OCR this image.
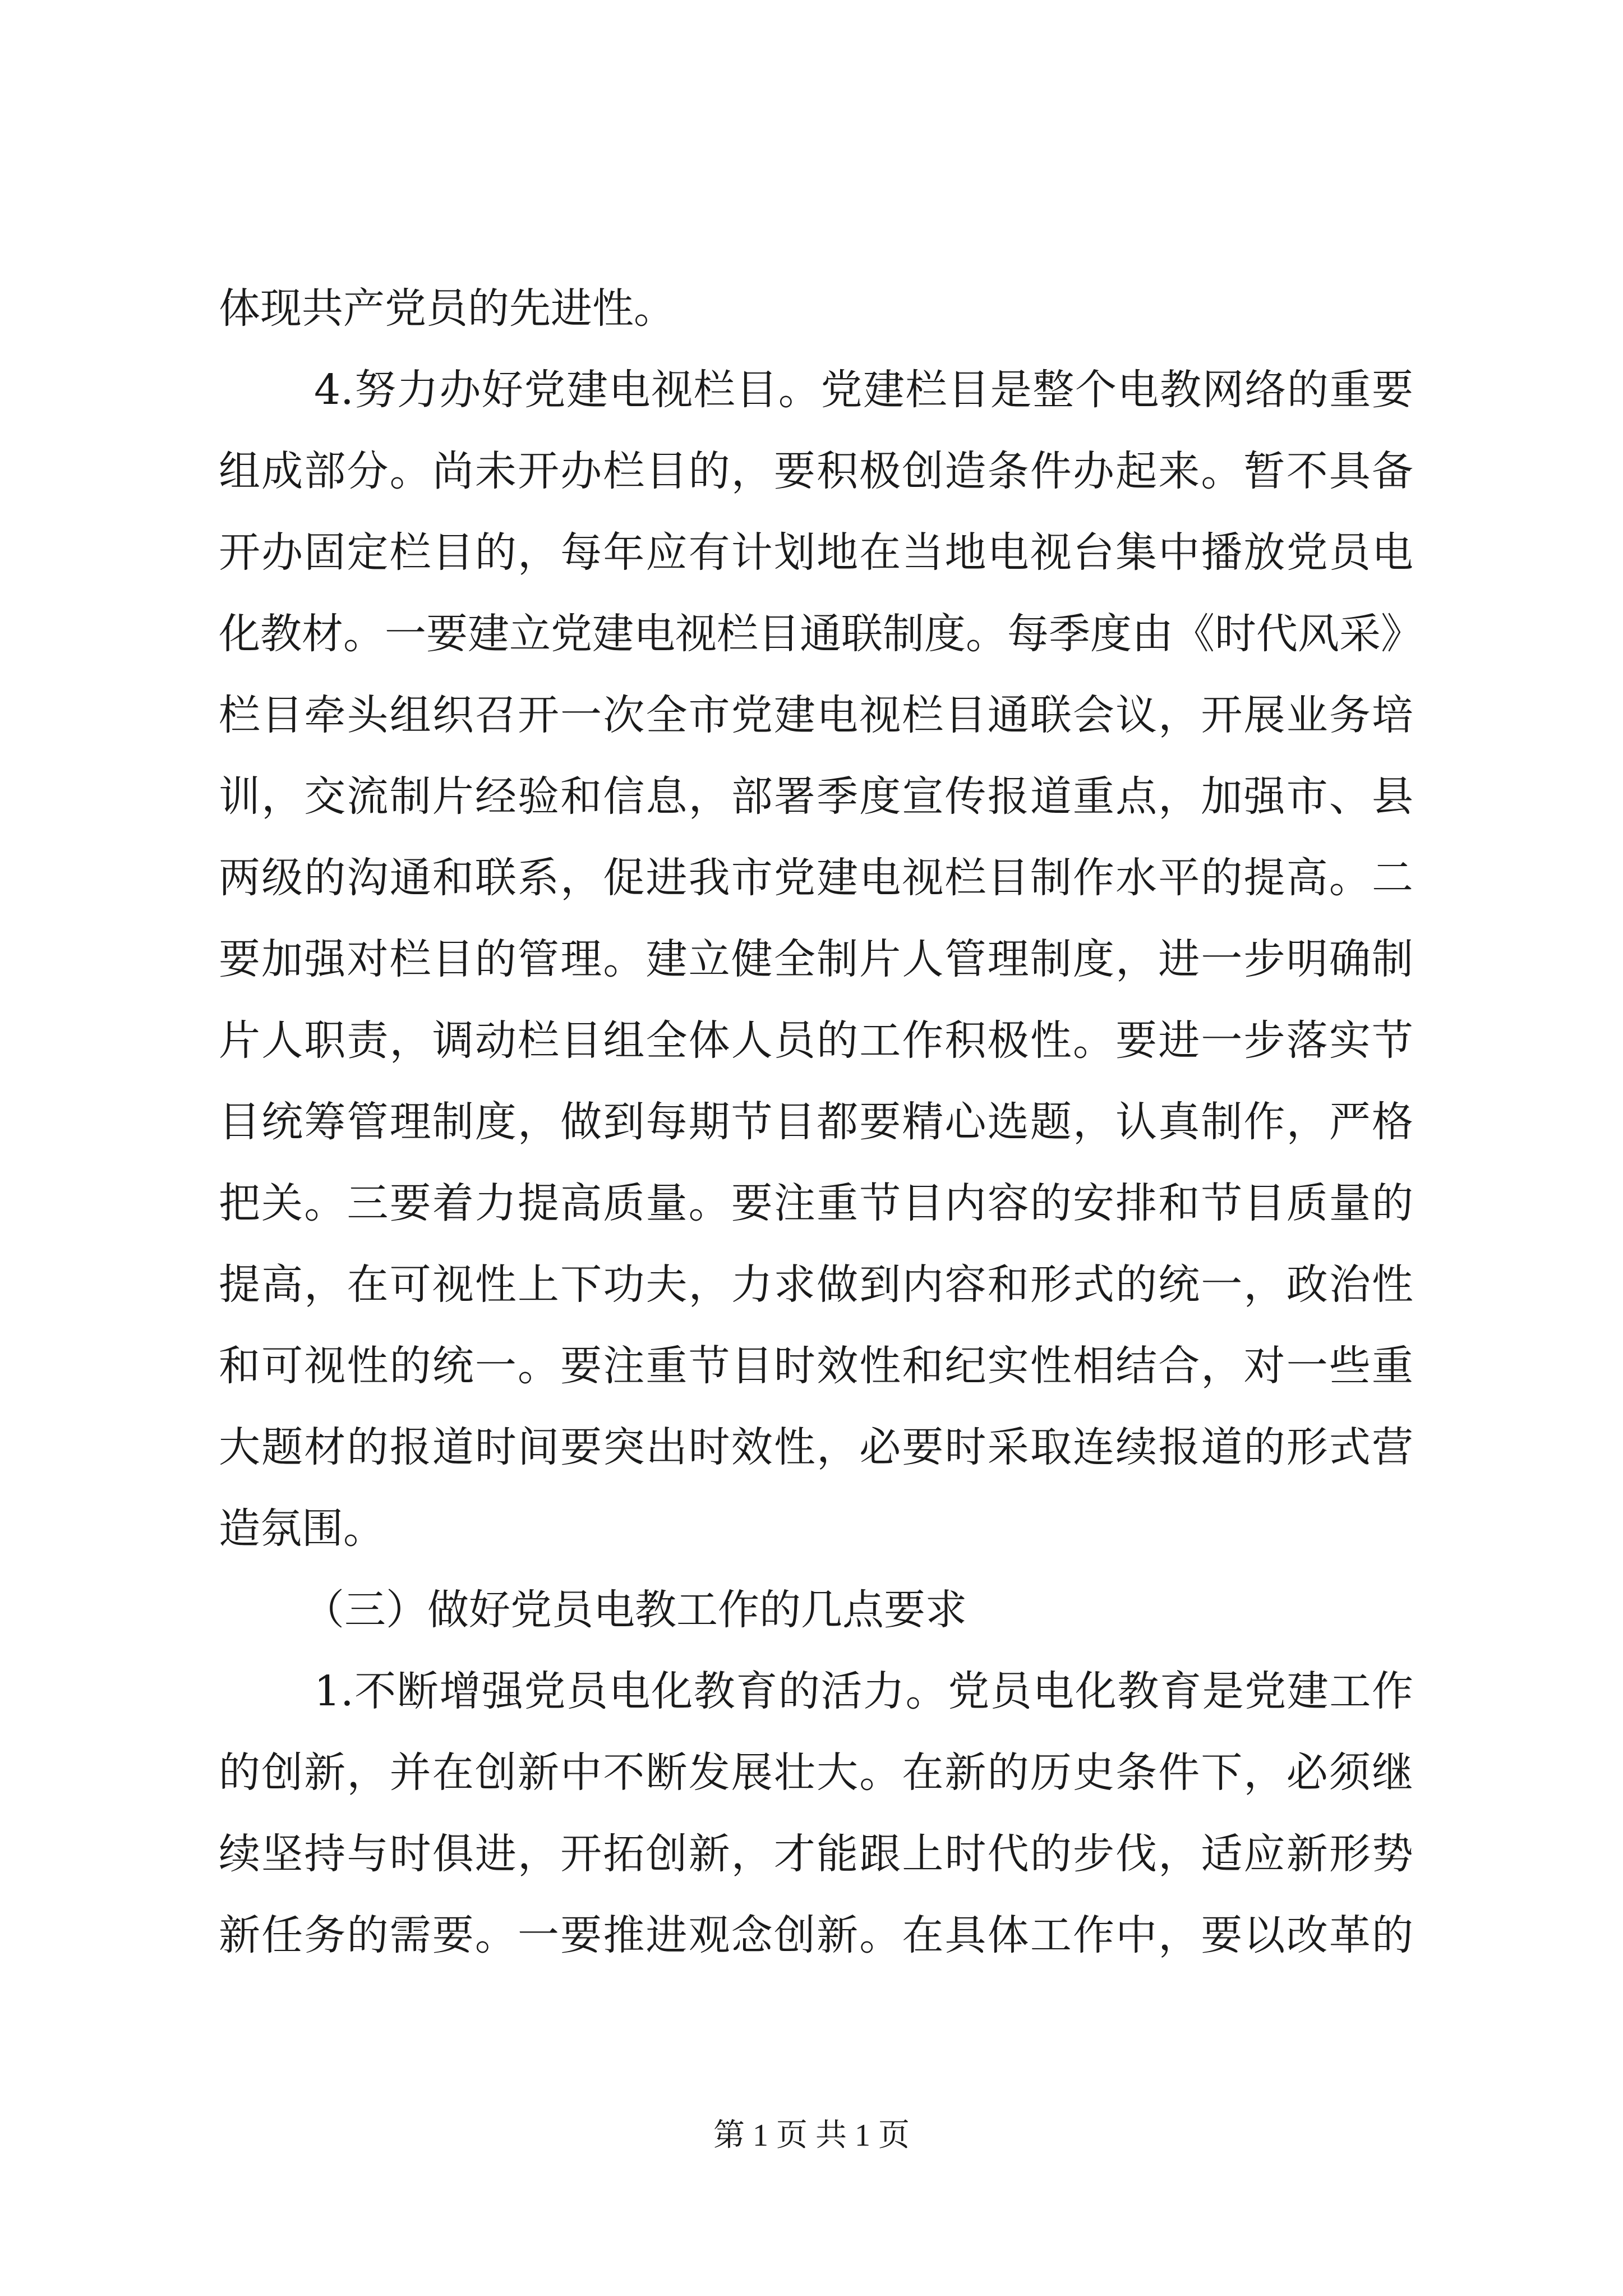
体现共产党员的先进性。
4.努力办好党建电视栏目。党建栏目是整个电教网络的重要
组成部分。尚未开办栏目的，要积极创造条件办起来。暂不具备
开办固定栏目的，每年应有计划地在当地电视台集中播放党员电
化教材。一要建立党建电视栏目通联制度。每季度由《时代风采》
栏目牵头组织召开一次全市党建电视栏目通联会议，开展业务培
训，交流制片经验和信息，部署季度宣传报道重点，加强市、县
两级的沟通和联系，促进我市党建电视栏目制作水平的提高。二
要加强对栏目的管理。建立健全制片人管理制度，进一步明确制
片人职责，调动栏目组全体人员的工作积极性。要进一步落实节
目统筹管理制度，做到每期节目都要精心选题，认真制作，严格
把关。三要着力提高质量。要注重节目内容的安排和节目质量的
提高，在可视性上下功夫，力求做到内容和形式的统一，政治性
和可视性的统一。要注重节目时效性和纪实性相结合，对一些重
大题材的报道时间要突出时效性，必要时采取连续报道的形式营
造氛围。
（三）做好党员电教工作的几点要求
1.不断增强党员电化教育的活力。党员电化教育是党建工作
的创新，并在创新中不断发展壮大。在新的历史条件下，必须继
续坚持与时俱进，开拓创新，才能跟上时代的步伐，适应新形势
新任务的需要。一要推进观念创新。在具体工作中，要以改革的
第 1 页 共 1 页
